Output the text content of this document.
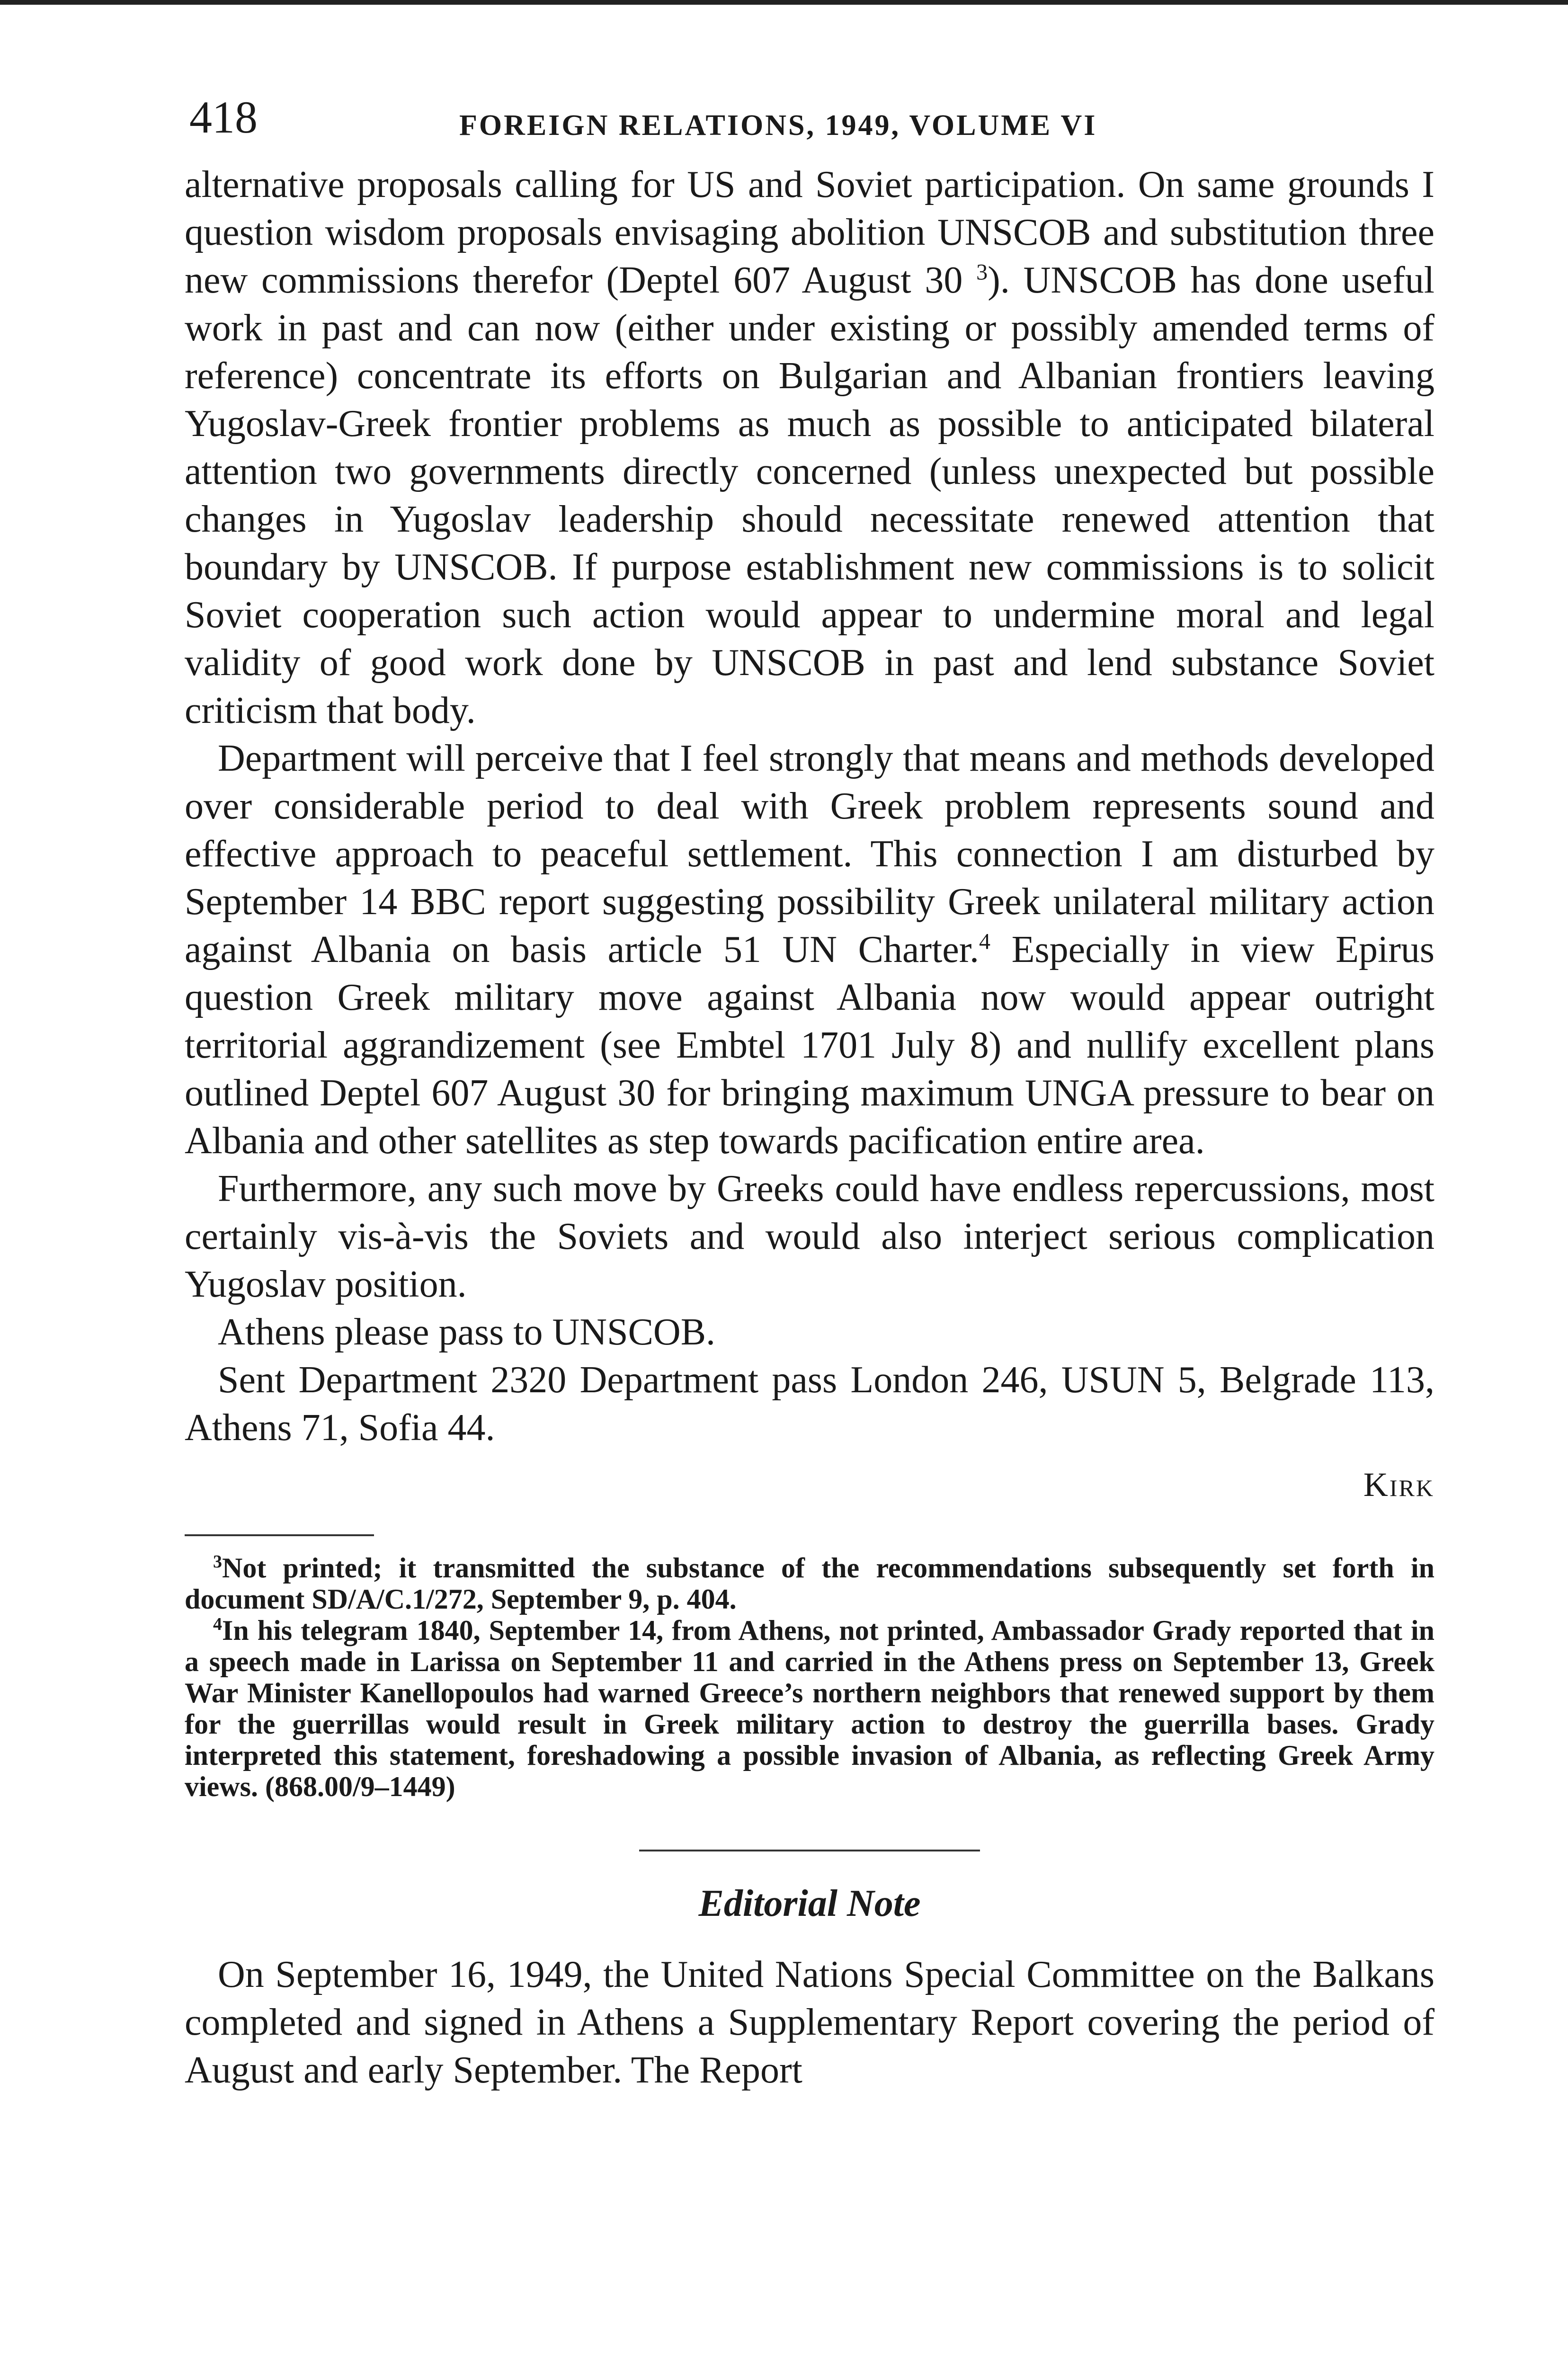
418	FOREIGN RELATIONS, 1949, VOLUME VI

alternative proposals calling for US and Soviet participation. On same grounds I question wisdom proposals envisaging abolition UNSCOB and substitution three new commissions therefor (Deptel 607 August 30 $^3$). UNSCOB has done useful work in past and can now (either under existing or possibly amended terms of reference) concentrate its efforts on Bulgarian and Albanian frontiers leaving Yugoslav-Greek frontier problems as much as possible to anticipated bilateral attention two governments directly concerned (unless unexpected but possible changes in Yugoslav leadership should necessitate renewed attention that boundary by UNSCOB. If purpose establishment new commissions is to solicit Soviet cooperation such action would appear to undermine moral and legal validity of good work done by UNSCOB in past and lend substance Soviet criticism that body.

Department will perceive that I feel strongly that means and methods developed over considerable period to deal with Greek problem represents sound and effective approach to peaceful settlement. This connection I am disturbed by September 14 BBC report suggesting possibility Greek unilateral military action against Albania on basis article 51 UN Charter.$^4$ Especially in view Epirus question Greek military move against Albania now would appear outright territorial aggrandizement (see Embtel 1701 July 8) and nullify excellent plans outlined Deptel 607 August 30 for bringing maximum UNGA pressure to bear on Albania and other satellites as step towards pacification entire area.

Furthermore, any such move by Greeks could have endless repercussions, most certainly vis-à-vis the Soviets and would also interject serious complication Yugoslav position.

Athens please pass to UNSCOB.

Sent Department 2320 Department pass London 246, USUN 5, Belgrade 113, Athens 71, Sofia 44.

Kirk

$^3$Not printed; it transmitted the substance of the recommendations subsequently set forth in document SD/A/C.1/272, September 9, p. 404.

$^4$In his telegram 1840, September 14, from Athens, not printed, Ambassador Grady reported that in a speech made in Larissa on September 11 and carried in the Athens press on September 13, Greek War Minister Kanellopoulos had warned Greece’s northern neighbors that renewed support by them for the guerrillas would result in Greek military action to destroy the guerrilla bases. Grady interpreted this statement, foreshadowing a possible invasion of Albania, as reflecting Greek Army views. (868.00/9–1449)

Editorial Note

On September 16, 1949, the United Nations Special Committee on the Balkans completed and signed in Athens a Supplementary Report covering the period of August and early September. The Report
